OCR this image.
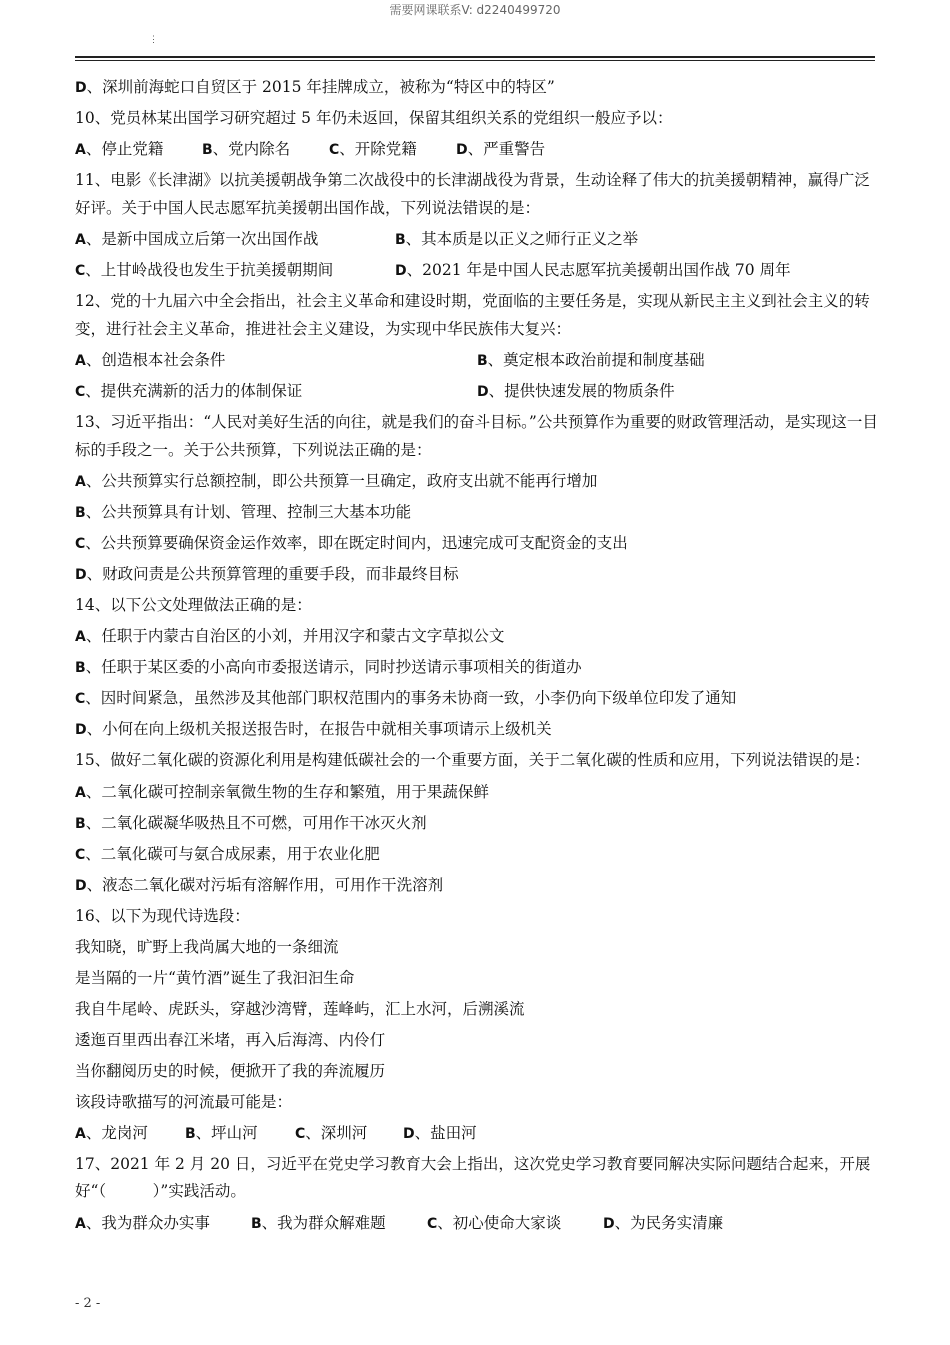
需要网课联系V: d2240499720
⋮
D、深圳前海蛇口自贸区于 2015 年挂牌成立，被称为“特区中的特区”
10、党员林某出国学习研究超过 5 年仍未返回，保留其组织关系的党组织一般应予以：
A、停止党籍	B、党内除名	C、开除党籍	D、严重警告
11、电影《长津湖》以抗美援朝战争第二次战役中的长津湖战役为背景，生动诠释了伟大的抗美援朝精神，赢得广泛好评。关于中国人民志愿军抗美援朝出国作战，下列说法错误的是：
A、是新中国成立后第一次出国作战	B、其本质是以正义之师行正义之举
C、上甘岭战役也发生于抗美援朝期间	D、2021 年是中国人民志愿军抗美援朝出国作战 70 周年
12、党的十九届六中全会指出，社会主义革命和建设时期，党面临的主要任务是，实现从新民主主义到社会主义的转变，进行社会主义革命，推进社会主义建设，为实现中华民族伟大复兴：
A、创造根本社会条件	B、奠定根本政治前提和制度基础
C、提供充满新的活力的体制保证	D、提供快速发展的物质条件
13、习近平指出：“人民对美好生活的向往，就是我们的奋斗目标。”公共预算作为重要的财政管理活动，是实现这一目标的手段之一。关于公共预算，下列说法正确的是：
A、公共预算实行总额控制，即公共预算一旦确定，政府支出就不能再行增加
B、公共预算具有计划、管理、控制三大基本功能
C、公共预算要确保资金运作效率，即在既定时间内，迅速完成可支配资金的支出
D、财政问责是公共预算管理的重要手段，而非最终目标
14、以下公文处理做法正确的是：
A、任职于内蒙古自治区的小刘，并用汉字和蒙古文字草拟公文
B、任职于某区委的小高向市委报送请示，同时抄送请示事项相关的街道办
C、因时间紧急，虽然涉及其他部门职权范围内的事务未协商一致，小李仍向下级单位印发了通知
D、小何在向上级机关报送报告时，在报告中就相关事项请示上级机关
15、做好二氧化碳的资源化利用是构建低碳社会的一个重要方面，关于二氧化碳的性质和应用，下列说法错误的是：
A、二氧化碳可控制亲氧微生物的生存和繁殖，用于果蔬保鲜
B、二氧化碳凝华吸热且不可燃，可用作干冰灭火剂
C、二氧化碳可与氨合成尿素，用于农业化肥
D、液态二氧化碳对污垢有溶解作用，可用作干洗溶剂
16、以下为现代诗选段：
我知晓，旷野上我尚属大地的一条细流
是当隔的一片“黄竹酒”诞生了我汩汩生命
我自牛尾岭、虎跃头，穿越沙湾臂，莲峰屿，汇上水河，后溯溪流
逶迤百里西出春江米堵，再入后海湾、内伶仃
当你翻阅历史的时候，便掀开了我的奔流履历
该段诗歌描写的河流最可能是：
A、龙岗河	B、坪山河	C、深圳河	D、盐田河
17、2021 年 2 月 20 日，习近平在党史学习教育大会上指出，这次党史学习教育要同解决实际问题结合起来，开展好“（　　　）”实践活动。
A、我为群众办实事	B、我为群众解难题	C、初心使命大家谈	D、为民务实清廉
- 2 -
